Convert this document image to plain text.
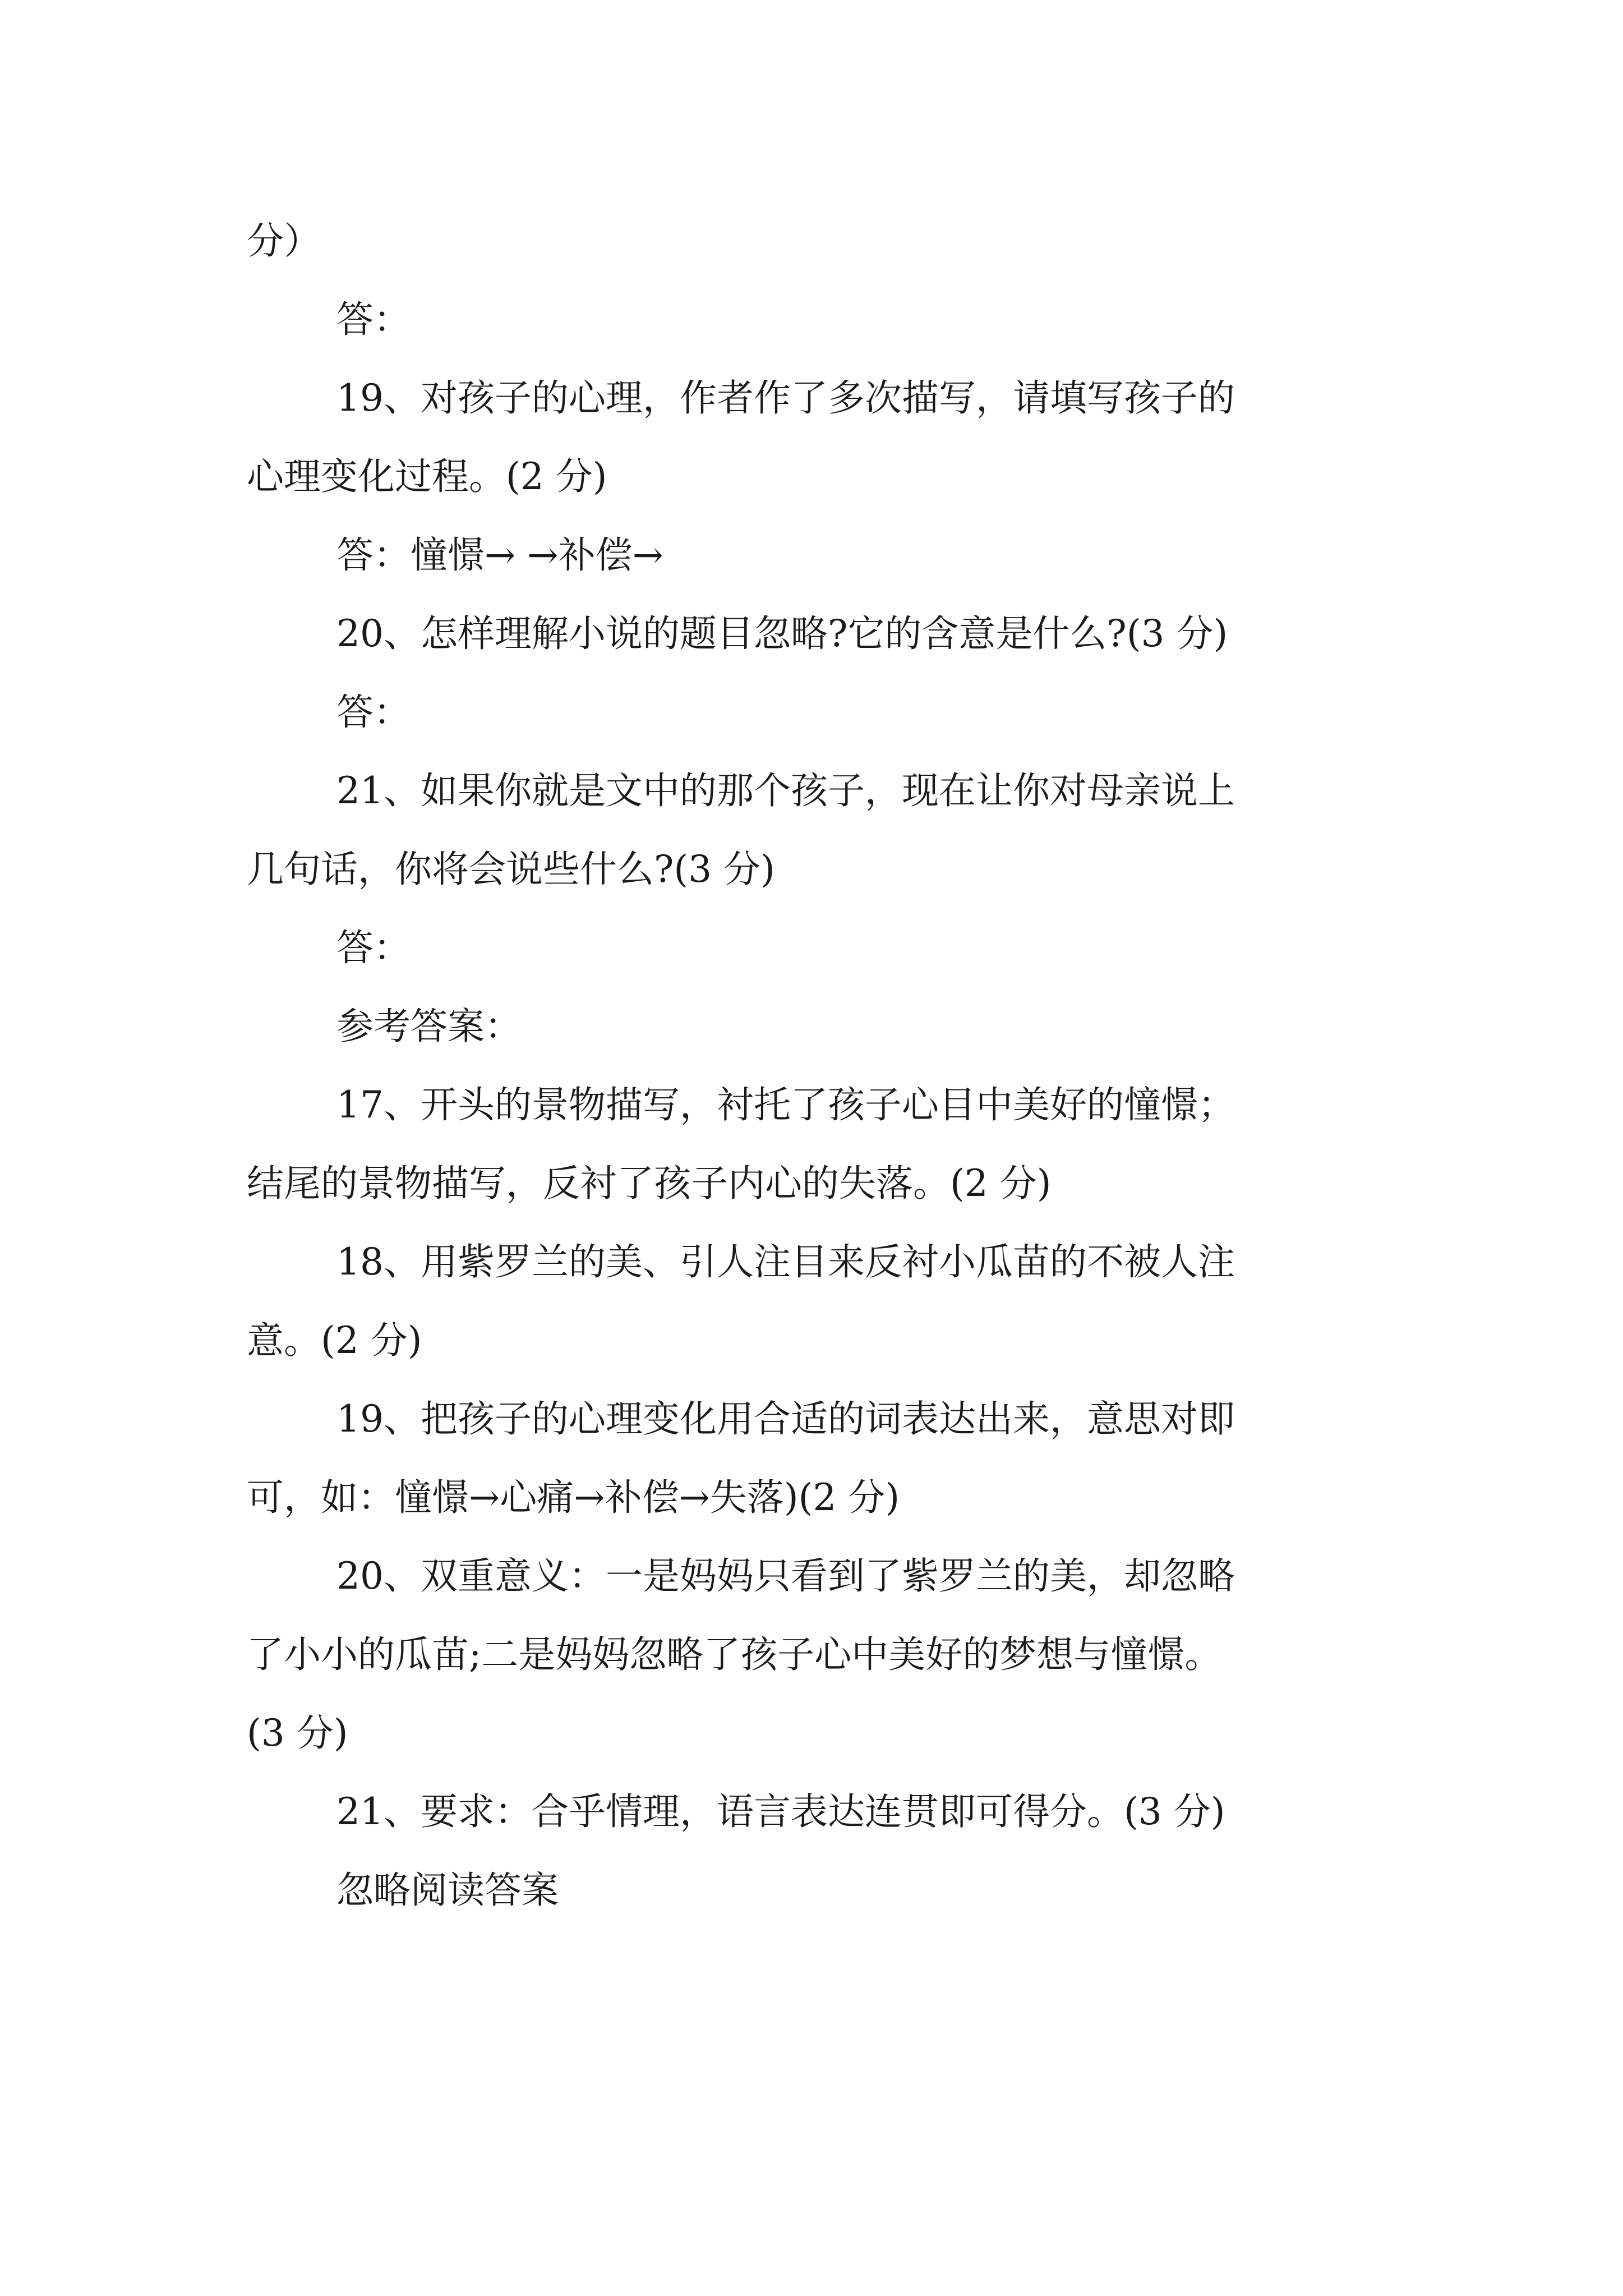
分）
答：
19、对孩子的心理，作者作了多次描写，请填写孩子的
心理变化过程。(2 分)
答：憧憬→ →补偿→
20、怎样理解小说的题目忽略?它的含意是什么?(3 分)
答：
21、如果你就是文中的那个孩子，现在让你对母亲说上
几句话，你将会说些什么?(3 分)
答：
参考答案：
17、开头的景物描写，衬托了孩子心目中美好的憧憬；
结尾的景物描写，反衬了孩子内心的失落。(2 分)
18、用紫罗兰的美、引人注目来反衬小瓜苗的不被人注
意。(2 分)
19、把孩子的心理变化用合适的词表达出来，意思对即
可，如：憧憬→心痛→补偿→失落)(2 分)
20、双重意义：一是妈妈只看到了紫罗兰的美，却忽略
了小小的瓜苗;二是妈妈忽略了孩子心中美好的梦想与憧憬。
(3 分)
21、要求：合乎情理，语言表达连贯即可得分。(3 分)
忽略阅读答案
